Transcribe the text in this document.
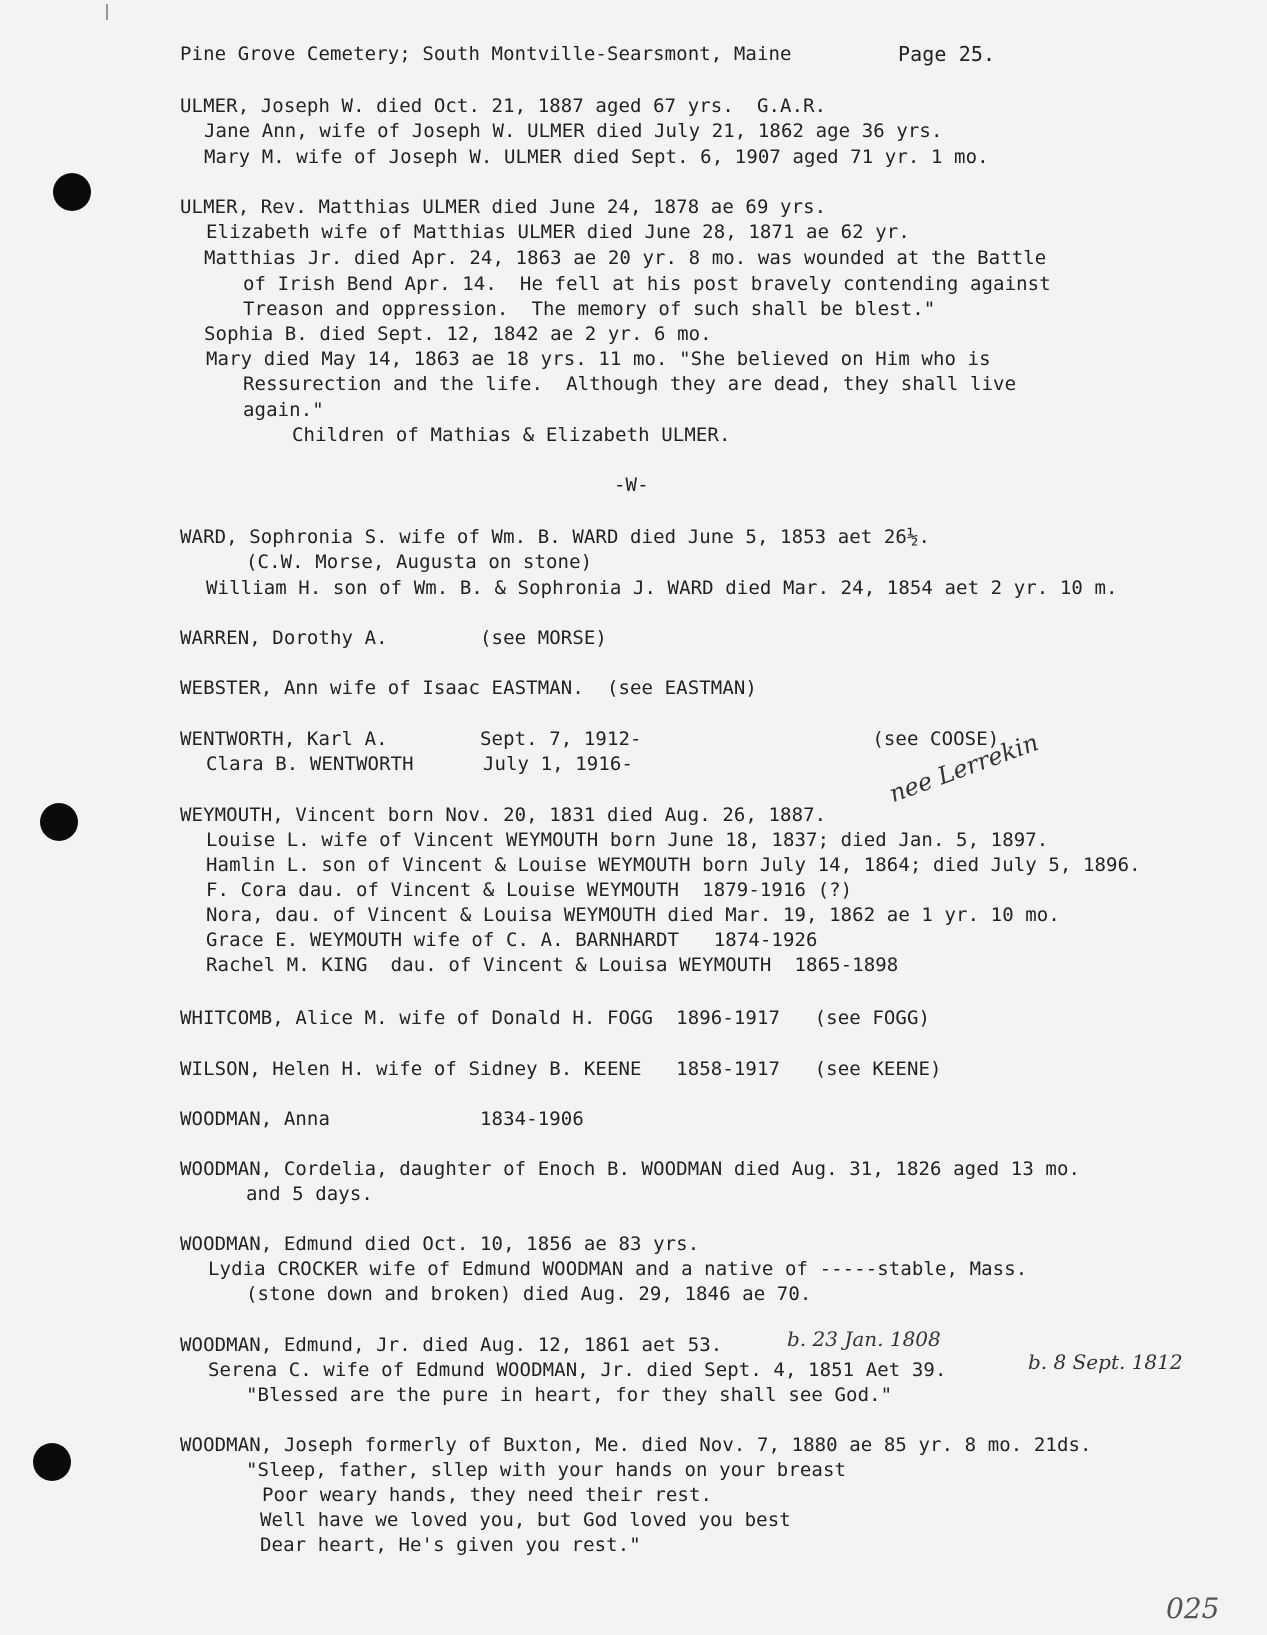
Pine Grove Cemetery; South Montville-Searsmont, Maine	Page 25.
ULMER, Joseph W. died Oct. 21, 1887 aged 67 yrs.  G.A.R.
Jane Ann, wife of Joseph W. ULMER died July 21, 1862 age 36 yrs.
Mary M. wife of Joseph W. ULMER died Sept. 6, 1907 aged 71 yr. 1 mo.
ULMER, Rev. Matthias ULMER died June 24, 1878 ae 69 yrs.
Elizabeth wife of Matthias ULMER died June 28, 1871 ae 62 yr.
Matthias Jr. died Apr. 24, 1863 ae 20 yr. 8 mo. was wounded at the Battle
of Irish Bend Apr. 14.  He fell at his post bravely contending against
Treason and oppression.  The memory of such shall be blest."
Sophia B. died Sept. 12, 1842 ae 2 yr. 6 mo.
Mary died May 14, 1863 ae 18 yrs. 11 mo. "She believed on Him who is
Ressurection and the life.  Although they are dead, they shall live
again."
Children of Mathias & Elizabeth ULMER.
-W-
WARD, Sophronia S. wife of Wm. B. WARD died June 5, 1853 aet 26½.
(C.W. Morse, Augusta on stone)
William H. son of Wm. B. & Sophronia J. WARD died Mar. 24, 1854 aet 2 yr. 10 m.
WARREN, Dorothy A.        (see MORSE)
WEBSTER, Ann wife of Isaac EASTMAN.  (see EASTMAN)
WENTWORTH, Karl A.        Sept. 7, 1912-                    (see COOSE)
Clara B. WENTWORTH      July 1, 1916-
WEYMOUTH, Vincent born Nov. 20, 1831 died Aug. 26, 1887.
nee Lerrekin
Louise L. wife of Vincent WEYMOUTH born June 18, 1837; died Jan. 5, 1897.
Hamlin L. son of Vincent & Louise WEYMOUTH born July 14, 1864; died July 5, 1896.
F. Cora dau. of Vincent & Louise WEYMOUTH  1879-1916 (?)
Nora, dau. of Vincent & Louisa WEYMOUTH died Mar. 19, 1862 ae 1 yr. 10 mo.
Grace E. WEYMOUTH wife of C. A. BARNHARDT   1874-1926
Rachel M. KING  dau. of Vincent & Louisa WEYMOUTH  1865-1898
WHITCOMB, Alice M. wife of Donald H. FOGG  1896-1917   (see FOGG)
WILSON, Helen H. wife of Sidney B. KEENE   1858-1917   (see KEENE)
WOODMAN, Anna             1834-1906
WOODMAN, Cordelia, daughter of Enoch B. WOODMAN died Aug. 31, 1826 aged 13 mo.
and 5 days.
WOODMAN, Edmund died Oct. 10, 1856 ae 83 yrs.
Lydia CROCKER wife of Edmund WOODMAN and a native of -----stable, Mass.
(stone down and broken) died Aug. 29, 1846 ae 70.
WOODMAN, Edmund, Jr. died Aug. 12, 1861 aet 53.	b. 23 Jan. 1808
Serena C. wife of Edmund WOODMAN, Jr. died Sept. 4, 1851 Aet 39.	b. 8 Sept. 1812
"Blessed are the pure in heart, for they shall see God."
WOODMAN, Joseph formerly of Buxton, Me. died Nov. 7, 1880 ae 85 yr. 8 mo. 21ds.
"Sleep, father, sllep with your hands on your breast
Poor weary hands, they need their rest.
Well have we loved you, but God loved you best
Dear heart, He's given you rest."
025
